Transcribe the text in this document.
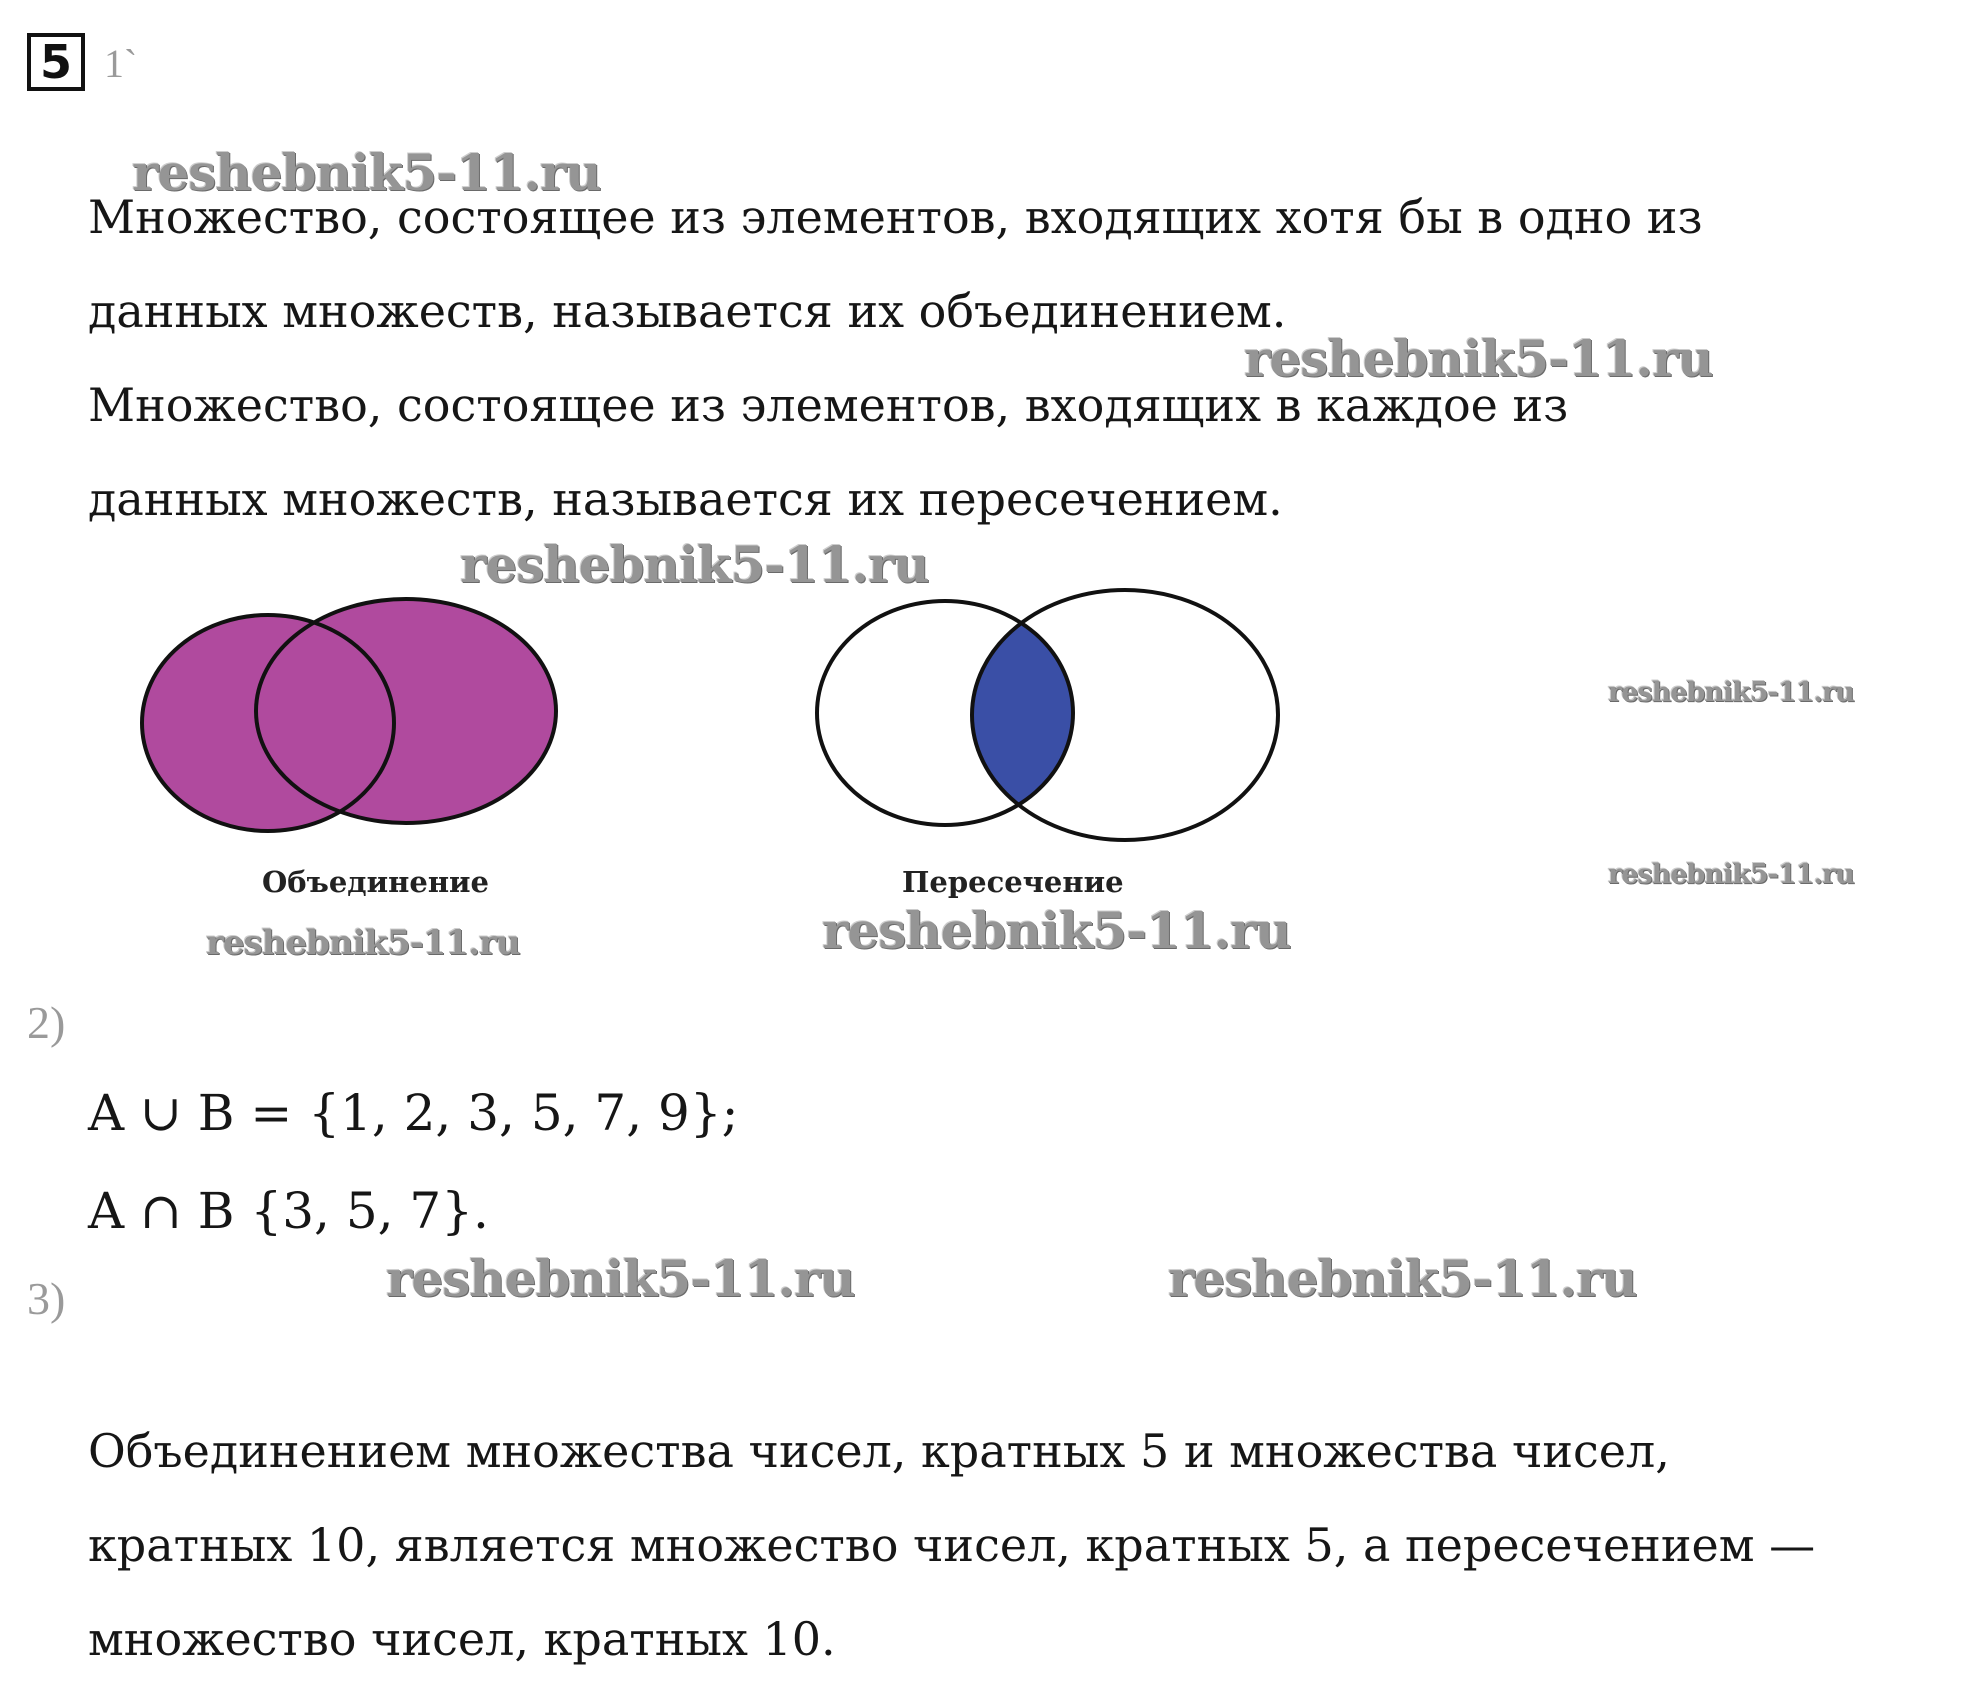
5 1`
2)
3)
Множество, состоящее из элементов, входящих хотя бы в одно из
данных множеств, называется их объединением.
Множество, состоящее из элементов, входящих в каждое из
данных множеств, называется их пересечением.
Объединение	Пересечение
A ∪ B = {1, 2, 3, 5, 7, 9};
A ∩ B {3, 5, 7}.
Объединением множества чисел, кратных 5 и множества чисел,
кратных 10, является множество чисел, кратных 5, а пересечением —
множество чисел, кратных 10.
reshebnik5-11.ru
reshebnik5-11.ru
reshebnik5-11.ru
reshebnik5-11.ru
reshebnik5-11.ru
reshebnik5-11.ru	reshebnik5-11.ru
reshebnik5-11.ru	reshebnik5-11.ru
